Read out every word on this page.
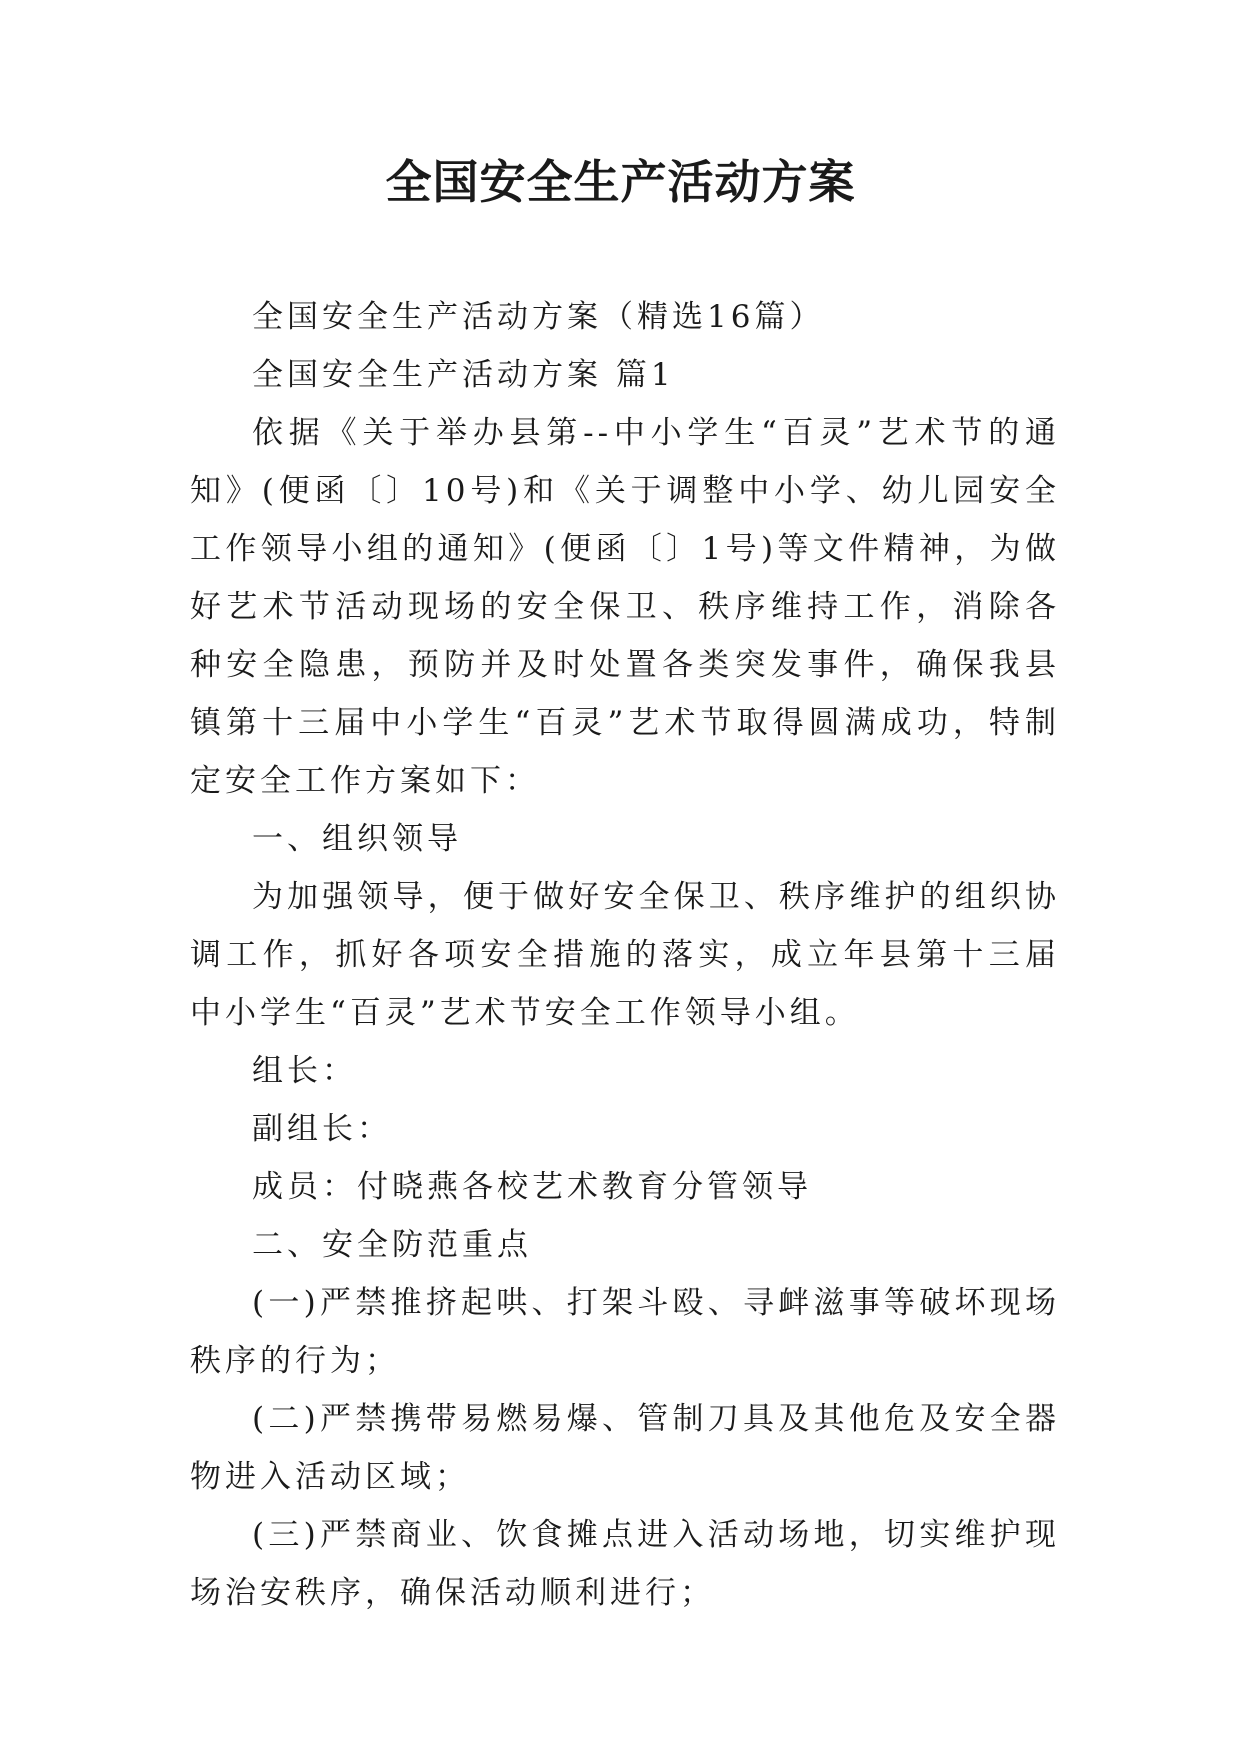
全国安全生产活动方案

全国安全生产活动方案（精选16篇）

全国安全生产活动方案 篇1

依据《关于举办县第--中小学生“百灵”艺术节的通知》(便函〔〕10号)和《关于调整中小学、幼儿园安全工作领导小组的通知》(便函〔〕1号)等文件精神，为做好艺术节活动现场的安全保卫、秩序维持工作，消除各种安全隐患，预防并及时处置各类突发事件，确保我县镇第十三届中小学生“百灵”艺术节取得圆满成功，特制定安全工作方案如下：

一、组织领导

为加强领导，便于做好安全保卫、秩序维护的组织协调工作，抓好各项安全措施的落实，成立年县第十三届中小学生“百灵”艺术节安全工作领导小组。

组长：

副组长：

成员：付晓燕各校艺术教育分管领导

二、安全防范重点

(一)严禁推挤起哄、打架斗殴、寻衅滋事等破坏现场秩序的行为；

(二)严禁携带易燃易爆、管制刀具及其他危及安全器物进入活动区域；

(三)严禁商业、饮食摊点进入活动场地，切实维护现场治安秩序，确保活动顺利进行；
